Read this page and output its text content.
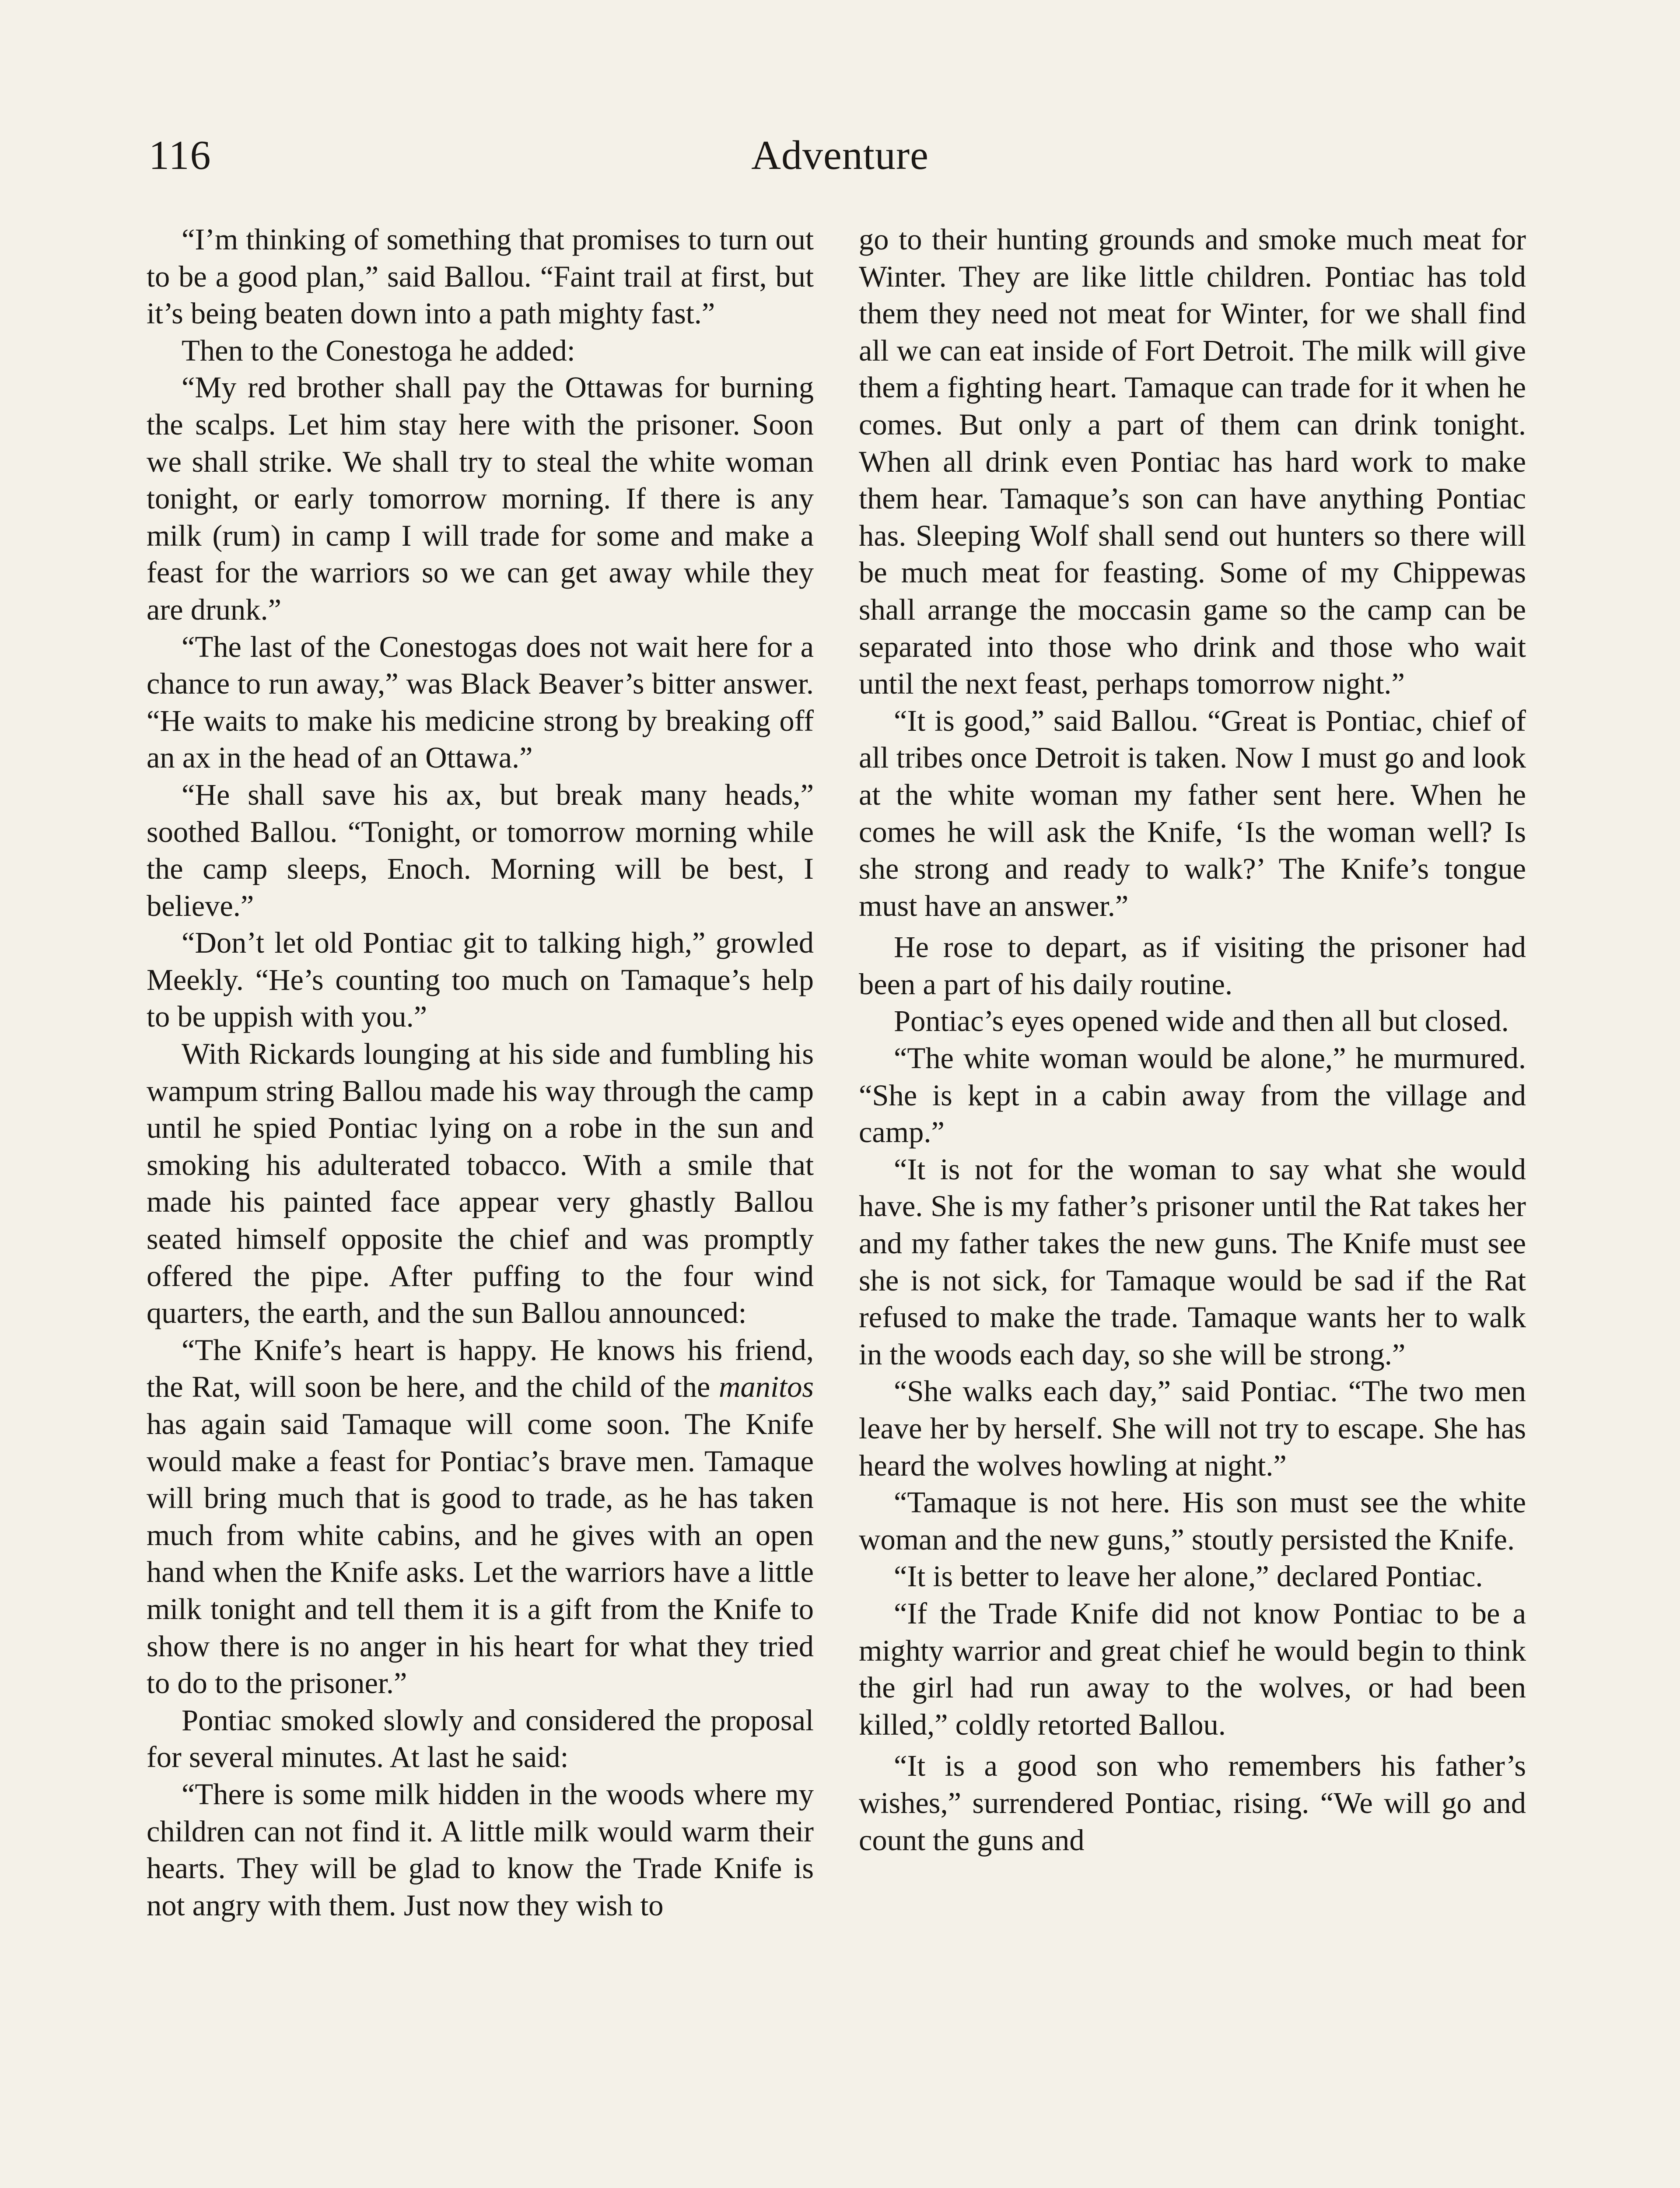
116	Adventure

“I’m thinking of something that promises to turn out to be a good plan,” said Ballou. “Faint trail at first, but it’s being beaten down into a path mighty fast.”

Then to the Conestoga he added:

“My red brother shall pay the Ottawas for burning the scalps. Let him stay here with the prisoner. Soon we shall strike. We shall try to steal the white woman tonight, or early tomorrow morning. If there is any milk (rum) in camp I will trade for some and make a feast for the warriors so we can get away while they are drunk.”

“The last of the Conestogas does not wait here for a chance to run away,” was Black Beaver’s bitter answer. “He waits to make his medicine strong by breaking off an ax in the head of an Ottawa.”

“He shall save his ax, but break many heads,” soothed Ballou. “Tonight, or tomorrow morning while the camp sleeps, Enoch. Morning will be best, I believe.”

“Don’t let old Pontiac git to talking high,” growled Meekly. “He’s counting too much on Tamaque’s help to be uppish with you.”

With Rickards lounging at his side and fumbling his wampum string Ballou made his way through the camp until he spied Pontiac lying on a robe in the sun and smoking his adulterated tobacco. With a smile that made his painted face appear very ghastly Ballou seated himself opposite the chief and was promptly offered the pipe. After puffing to the four wind quarters, the earth, and the sun Ballou announced:

“The Knife’s heart is happy. He knows his friend, the Rat, will soon be here, and the child of the manitos has again said Tamaque will come soon. The Knife would make a feast for Pontiac’s brave men. Tamaque will bring much that is good to trade, as he has taken much from white cabins, and he gives with an open hand when the Knife asks. Let the warriors have a little milk tonight and tell them it is a gift from the Knife to show there is no anger in his heart for what they tried to do to the prisoner.”

Pontiac smoked slowly and considered the proposal for several minutes. At last he said:

“There is some milk hidden in the woods where my children can not find it. A little milk would warm their hearts. They will be glad to know the Trade Knife is not angry with them. Just now they wish to

go to their hunting grounds and smoke much meat for Winter. They are like little children. Pontiac has told them they need not meat for Winter, for we shall find all we can eat inside of Fort Detroit. The milk will give them a fighting heart. Tamaque can trade for it when he comes. But only a part of them can drink tonight. When all drink even Pontiac has hard work to make them hear. Tamaque’s son can have anything Pontiac has. Sleeping Wolf shall send out hunters so there will be much meat for feasting. Some of my Chippewas shall arrange the moccasin game so the camp can be separated into those who drink and those who wait until the next feast, perhaps tomorrow night.”

“It is good,” said Ballou. “Great is Pontiac, chief of all tribes once Detroit is taken. Now I must go and look at the white woman my father sent here. When he comes he will ask the Knife, ‘Is the woman well? Is she strong and ready to walk?’ The Knife’s tongue must have an answer.”

He rose to depart, as if visiting the prisoner had been a part of his daily routine.

Pontiac’s eyes opened wide and then all but closed.

“The white woman would be alone,” he murmured. “She is kept in a cabin away from the village and camp.”

“It is not for the woman to say what she would have. She is my father’s prisoner until the Rat takes her and my father takes the new guns. The Knife must see she is not sick, for Tamaque would be sad if the Rat refused to make the trade. Tamaque wants her to walk in the woods each day, so she will be strong.”

“She walks each day,” said Pontiac. “The two men leave her by herself. She will not try to escape. She has heard the wolves howling at night.”

“Tamaque is not here. His son must see the white woman and the new guns,” stoutly persisted the Knife.

“It is better to leave her alone,” declared Pontiac.

“If the Trade Knife did not know Pontiac to be a mighty warrior and great chief he would begin to think the girl had run away to the wolves, or had been killed,” coldly retorted Ballou.

“It is a good son who remembers his father’s wishes,” surrendered Pontiac, rising. “We will go and count the guns and
